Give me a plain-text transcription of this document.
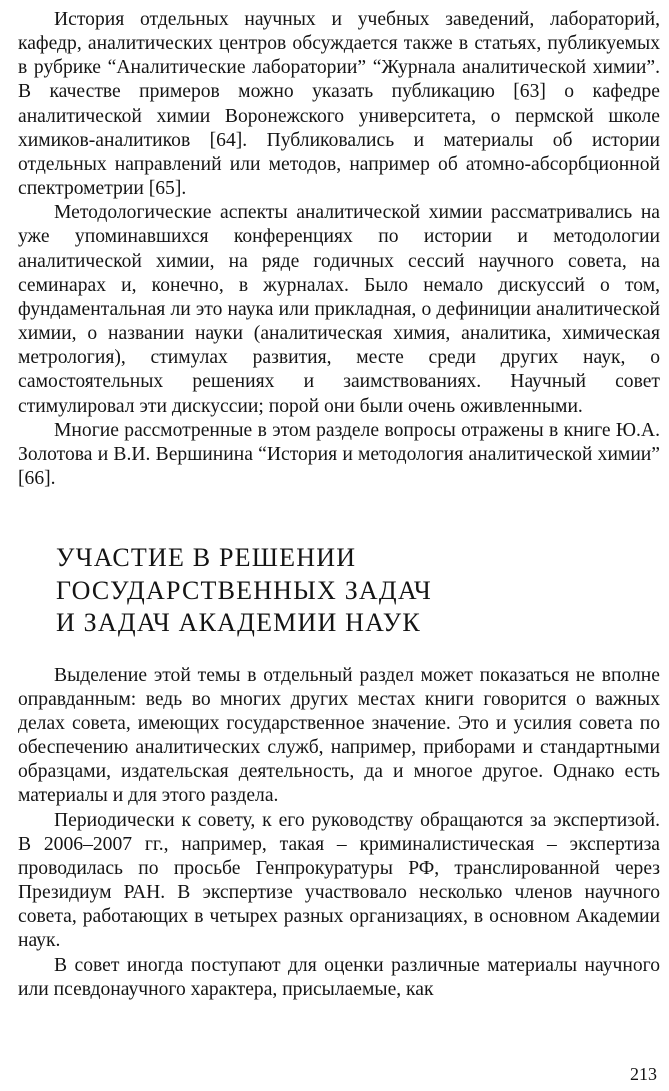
История отдельных научных и учебных заведений, лабораторий, кафедр, аналитических центров обсуждается также в статьях, публикуемых в рубрике “Аналитические лаборатории” “Журнала аналитической химии”. В качестве примеров можно указать публикацию [63] о кафедре аналитической химии Воронежского университета, о пермской школе химиков-аналитиков [64]. Публиковались и материалы об истории отдельных направлений или методов, например об атомно-абсорбционной спектрометрии [65].

Методологические аспекты аналитической химии рассматривались на уже упоминавшихся конференциях по истории и методологии аналитической химии, на ряде годичных сессий научного совета, на семинарах и, конечно, в журналах. Было немало дискуссий о том, фундаментальная ли это наука или прикладная, о дефиниции аналитической химии, о названии науки (аналитическая химия, аналитика, химическая метрология), стимулах развития, месте среди других наук, о самостоятельных решениях и заимствованиях. Научный совет стимулировал эти дискуссии; порой они были очень оживленными.

Многие рассмотренные в этом разделе вопросы отражены в книге Ю.А. Золотова и В.И. Вершинина “История и методология аналитической химии” [66].

УЧАСТИЕ В РЕШЕНИИ
ГОСУДАРСТВЕННЫХ ЗАДАЧ
И ЗАДАЧ АКАДЕМИИ НАУК

Выделение этой темы в отдельный раздел может показаться не вполне оправданным: ведь во многих других местах книги говорится о важных делах совета, имеющих государственное значение. Это и усилия совета по обеспечению аналитических служб, например, приборами и стандартными образцами, издательская деятельность, да и многое другое. Однако есть материалы и для этого раздела.

Периодически к совету, к его руководству обращаются за экспертизой. В 2006–2007 гг., например, такая – криминалистическая – экспертиза проводилась по просьбе Генпрокуратуры РФ, транслированной через Президиум РАН. В экспертизе участвовало несколько членов научного совета, работающих в четырех разных организациях, в основном Академии наук.

В совет иногда поступают для оценки различные материалы научного или псевдонаучного характера, присылаемые, как

213
